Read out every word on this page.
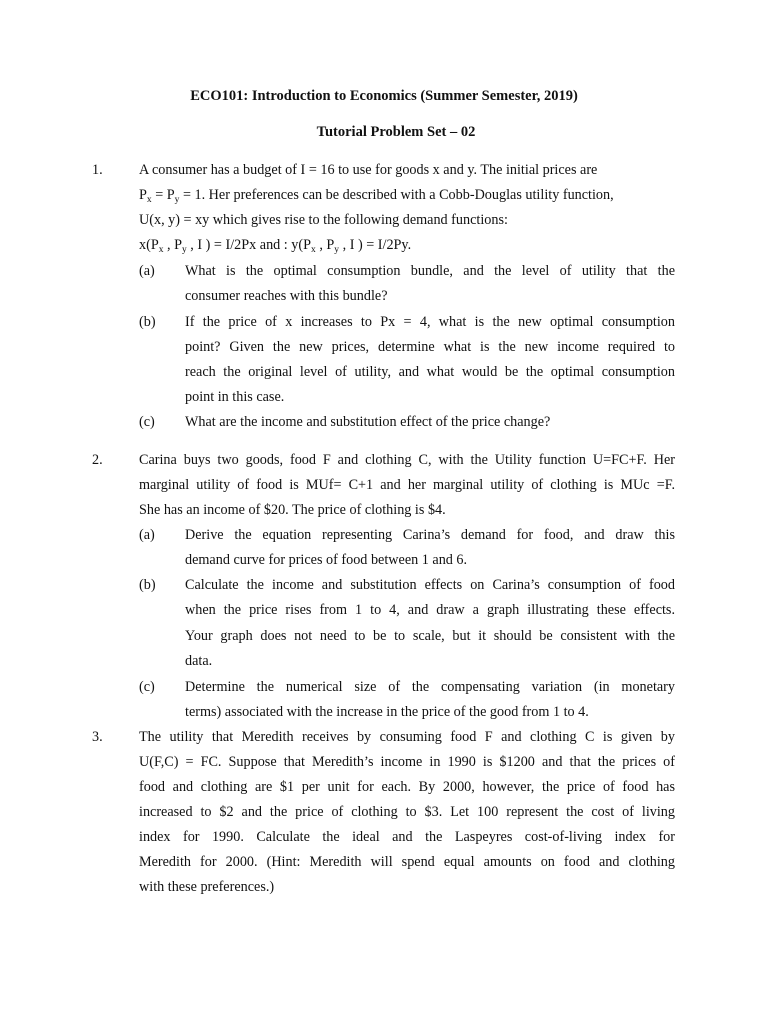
ECO101: Introduction to Economics (Summer Semester, 2019)
Tutorial Problem Set – 02
1.	A consumer has a budget of I = 16 to use for goods x and y. The initial prices are
$P_x = P_y = 1$. Her preferences can be described with a Cobb-Douglas utility function,
U(x, y) = xy which gives rise to the following demand functions:
$x(P_x$ , $P_y$ , I ) = I/2Px and : $y(P_x$ , $P_y$ , I ) = I/2Py.
(a) What is the optimal consumption bundle, and the level of utility that the
consumer reaches with this bundle?
(b) If the price of x increases to Px = 4, what is the new optimal consumption
point? Given the new prices, determine what is the new income required to
reach the original level of utility, and what would be the optimal consumption
point in this case.
(c) What are the income and substitution effect of the price change?
2.	Carina buys two goods, food F and clothing C, with the Utility function U=FC+F. Her
marginal utility of food is MUf= C+1 and her marginal utility of clothing is MUc =F.
She has an income of $20. The price of clothing is $4.
(a) Derive the equation representing Carina’s demand for food, and draw this
demand curve for prices of food between 1 and 6.
(b) Calculate the income and substitution effects on Carina’s consumption of food
when the price rises from 1 to 4, and draw a graph illustrating these effects.
Your graph does not need to be to scale, but it should be consistent with the
data.
(c) Determine the numerical size of the compensating variation (in monetary
terms) associated with the increase in the price of the good from 1 to 4.
3.	The utility that Meredith receives by consuming food F and clothing C is given by
U(F,C) = FC. Suppose that Meredith’s income in 1990 is $1200 and that the prices of
food and clothing are $1 per unit for each. By 2000, however, the price of food has
increased to $2 and the price of clothing to $3. Let 100 represent the cost of living
index for 1990. Calculate the ideal and the Laspeyres cost-of-living index for
Meredith for 2000. (Hint: Meredith will spend equal amounts on food and clothing
with these preferences.)
